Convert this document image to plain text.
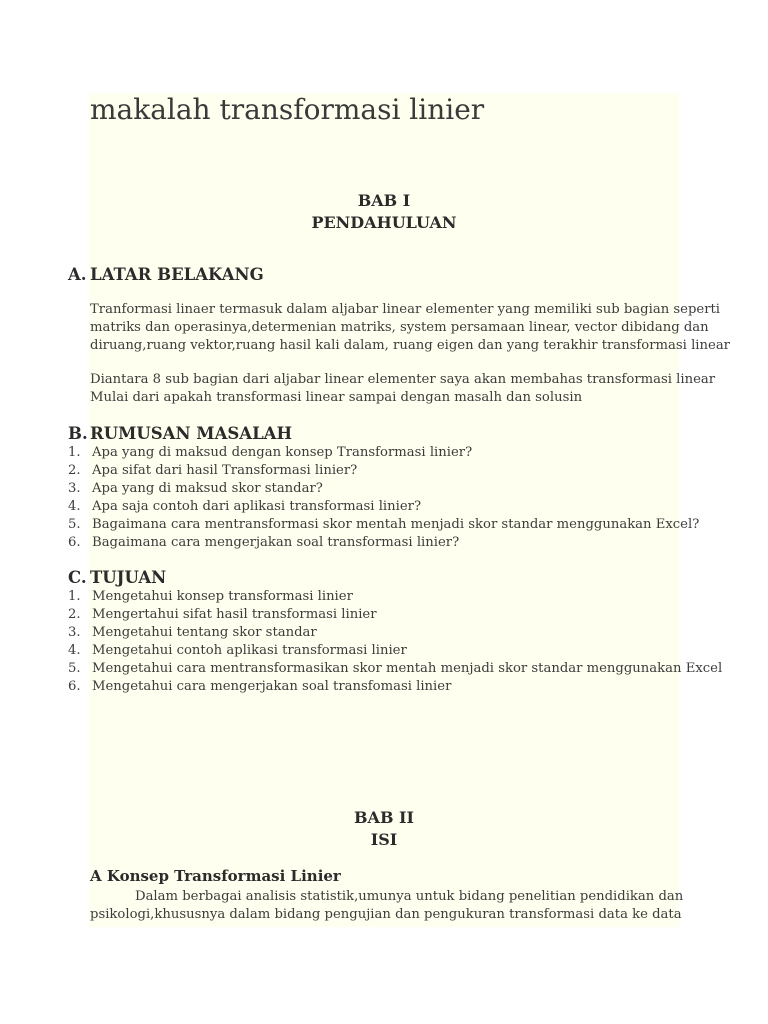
makalah transformasi linier
BAB I
PENDAHULUAN
A. LATAR BELAKANG
Tranformasi linaer termasuk dalam aljabar linear elementer yang memiliki sub bagian seperti
matriks dan operasinya,determenian matriks, system persamaan linear, vector dibidang dan
diruang,ruang vektor,ruang hasil kali dalam, ruang eigen dan yang terakhir transformasi linear
Diantara 8 sub bagian dari aljabar linear elementer saya akan membahas transformasi linear
Mulai dari apakah transformasi linear sampai dengan masalh dan solusin
B. RUMUSAN MASALAH
1. Apa yang di maksud dengan konsep Transformasi linier?
2. Apa sifat dari hasil Transformasi linier?
3. Apa yang di maksud skor standar?
4. Apa saja contoh dari aplikasi transformasi linier?
5. Bagaimana cara mentransformasi skor mentah menjadi skor standar menggunakan Excel?
6. Bagaimana cara mengerjakan soal transformasi linier?
C. TUJUAN
1. Mengetahui konsep transformasi linier
2. Mengertahui sifat hasil transformasi linier
3. Mengetahui tentang skor standar
4. Mengetahui contoh aplikasi transformasi linier
5. Mengetahui cara mentransformasikan skor mentah menjadi skor standar menggunakan Excel
6. Mengetahui cara mengerjakan soal transfomasi linier
BAB II
ISI
A Konsep Transformasi Linier
Dalam berbagai analisis statistik,umunya untuk bidang penelitian pendidikan dan
psikologi,khususnya dalam bidang pengujian dan pengukuran transformasi data ke data
